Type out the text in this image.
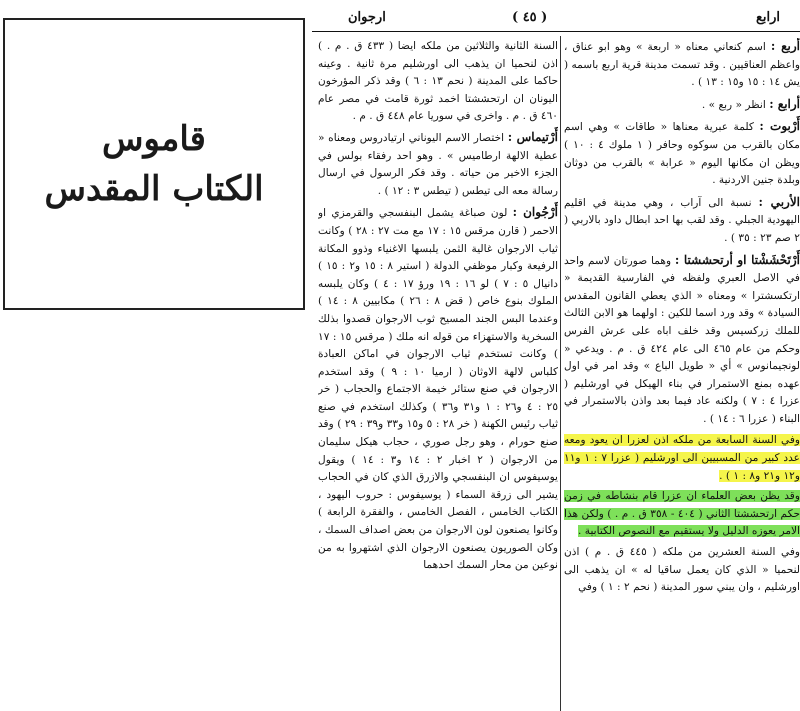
قاموس
الكتاب المقدس
ارابع
( ٤٥ )
ارجوان
أربع : اسم كنعاني معناه « اربعة » وهو ابو عناق ، واعظم العناقيين . وقد تسمت مدينة قرية اربع باسمه ( يش ١٤ : ١٥ و١٥ : ١٣ ) .
أرابع : انظر « ربع » .
أَرْبوت : كلمة عبرية معناها « طاقات » وهي اسم مكان بالقرب من سوكوه وحافر ( ١ ملوك ٤ : ١٠ ) ويظن ان مكانها اليوم « عرابة » بالقرب من دوثان وبلدة جنين الاردنية .
الأربي : نسبة الى آراب ، وهي مدينة في اقليم اليهودية الجبلي . وقد لقب بها احد ابطال داود بالاربي ( ٢ صم ٢٣ : ٣٥ ) .
أَرْتَحْشَشْتا او أرتحششتا : وهما صورتان لاسم واحد في الاصل العبري ولفظه في الفارسية القديمة « ارتكسشترا » ومعناه « الذي يعطي القانون المقدس السيادة » وقد ورد اسما للكين : اولهما هو الابن الثالث للملك زركسيس وقد خلف اباه على عرش الفرس وحكم من عام ٤٦٥ الى عام ٤٢٤ ق . م . ويدعي « لونجيمانوس » أي « طويل الباع » وقد امر في اول عهده بمنع الاستمرار في بناء الهيكل في اورشليم ( عزرا ٤ : ٧ ) ولكنه عاد فيما بعد واذن بالاستمرار في البناء ( عزرا ٦ : ١٤ ) .
وفي السنة السابعة من ملكه اذن لعزرا ان يعود ومعه عدد كبير من المسبيين الى اورشليم ( عزرا ٧ : ١ و١١ و١٢ و٢١ و٨ : ١ ) .
وقد يظن بعض العلماء ان عزرا قام بنشاطه في زمن حكم ارتحششتا الثاني ( ٤٠٤ - ٣٥٨ ق . م . ) ولكن هذا الامر يعوزه الدليل ولا يستقيم مع النصوص الكتابية .
وفي السنة العشرين من ملكه ( ٤٤٥ ق . م ) اذن لنحميا « الذي كان يعمل ساقيا له » ان يذهب الى اورشليم ، وان يبني سور المدينة ( نحم ٢ : ١ ) وفي
السنة الثانية والثلاثين من ملكه ايضا ( ٤٣٣ ق . م . ) اذن لنحميا ان يذهب الى اورشليم مرة ثانية . وعينه حاكما على المدينة ( نحم ١٣ : ٦ ) وقد ذكر المؤرخون اليونان ان ارتحششتا اخمد ثورة قامت في مصر عام ٤٦٠ ق . م . واخرى في سوريا عام ٤٤٨ ق . م .
أَرْتيماس : اختصار الاسم اليوناني ارتيادروس ومعناه « عطية الالهة ارطاميس » . وهو احد رفقاء بولس في الجزء الاخير من حياته . وقد فكر الرسول في ارسال رسالة معه الى تيطس ( تيطس ٣ : ١٢ ) .
أَرْجُوان : لون صباغة يشمل البنفسجي والقرمزي او الاحمر ( قارن مرقس ١٥ : ١٧ مع مت ٢٧ : ٢٨ ) وكانت ثياب الارجوان غالية الثمن يلبسها الاغنياء وذوو المكانة الرفيعة وكبار موظفي الدولة ( استير ٨ : ١٥ و٢ : ١٥ ) دانيال ٥ : ٧ ) لو ١٦ : ١٩ ورؤ ١٧ : ٤ ) وكان يلبسه الملوك بنوع خاص ( قض ٨ : ٢٦ ) مكابيين ٨ : ١٤ ) وعندما البس الجند المسيح ثوب الارجوان قصدوا بذلك السخرية والاستهزاء من قوله انه ملك ( مرقس ١٥ : ١٧ ) وكانت تستخدم ثياب الارجوان في اماكن العبادة كلباس لالهة الاوثان ( ارميا ١٠ : ٩ ) وقد استخدم الارجوان في صنع ستائر خيمة الاجتماع والحجاب ( خر ٢٥ : ٤ و٢٦ : ١ و٣١ و٣٦ ) وكذلك استخدم في صنع ثياب رئيس الكهنة ( خر ٢٨ : ٥ و١٥ و٣٣ و٣٩ : ٢٩ ) وقد صنع حورام ، وهو رجل صوري ، حجاب هيكل سليمان من الارجوان ( ٢ اخبار ٢ : ١٤ و٣ : ١٤ ) ويقول يوسيفوس ان البنفسجي والازرق الذي كان في الحجاب يشير الى زرقة السماء ( يوسيفوس : حروب اليهود ، الكتاب الخامس ، الفصل الخامس ، والفقرة الرابعة ) وكانوا يصنعون لون الارجوان من بعض اصداف السمك ، وكان الصوريون يصنعون الارجوان الذي اشتهروا به من نوعين من محار السمك احدهما
